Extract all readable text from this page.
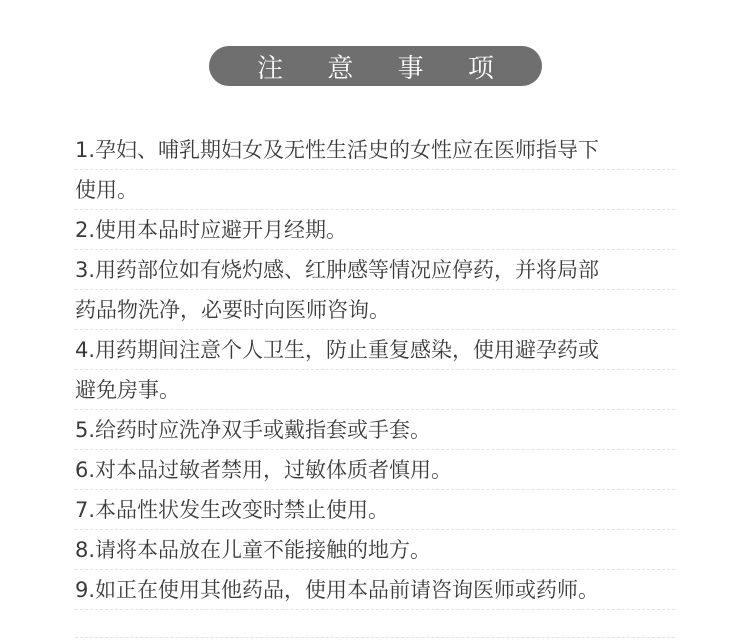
注 意 事 项
1.孕妇、哺乳期妇女及无性生活史的女性应在医师指导下
使用。
2.使用本品时应避开月经期。
3.用药部位如有烧灼感、红肿感等情况应停药，并将局部
药品物洗净，必要时向医师咨询。
4.用药期间注意个人卫生，防止重复感染，使用避孕药或
避免房事。
5.给药时应洗净双手或戴指套或手套。
6.对本品过敏者禁用，过敏体质者慎用。
7.本品性状发生改变时禁止使用。
8.请将本品放在儿童不能接触的地方。
9.如正在使用其他药品，使用本品前请咨询医师或药师。
